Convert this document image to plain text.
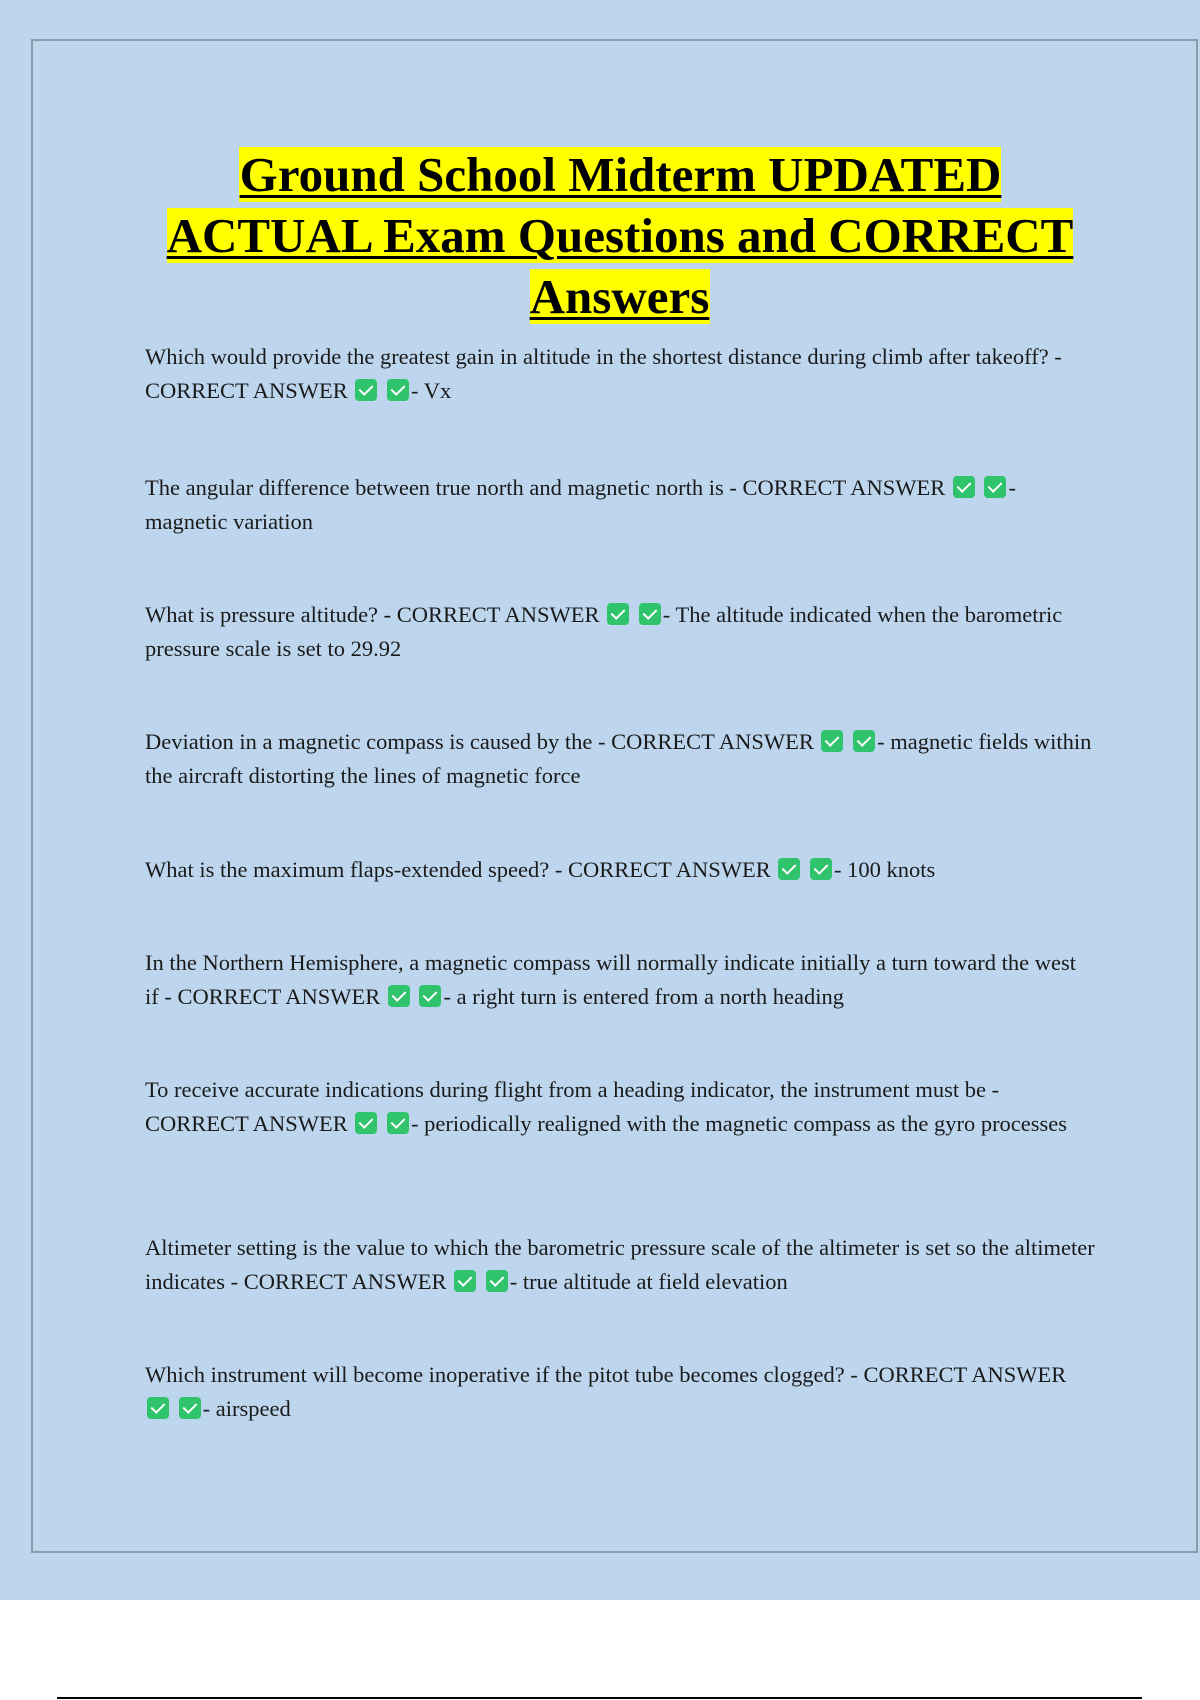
Ground School Midterm UPDATED ACTUAL Exam Questions and CORRECT Answers

Which would provide the greatest gain in altitude in the shortest distance during climb after takeoff? - CORRECT ANSWER	- Vx

The angular difference between true north and magnetic north is - CORRECT ANSWER	- magnetic variation

What is pressure altitude? - CORRECT ANSWER	- The altitude indicated when the barometric pressure scale is set to 29.92

Deviation in a magnetic compass is caused by the - CORRECT ANSWER	- magnetic fields within the aircraft distorting the lines of magnetic force

What is the maximum flaps-extended speed? - CORRECT ANSWER	- 100 knots

In the Northern Hemisphere, a magnetic compass will normally indicate initially a turn toward the west if - CORRECT ANSWER	- a right turn is entered from a north heading

To receive accurate indications during flight from a heading indicator, the instrument must be - CORRECT ANSWER	- periodically realigned with the magnetic compass as the gyro processes

Altimeter setting is the value to which the barometric pressure scale of the altimeter is set so the altimeter indicates - CORRECT ANSWER	- true altitude at field elevation

Which instrument will become inoperative if the pitot tube becomes clogged? - CORRECT ANSWER  - airspeed
